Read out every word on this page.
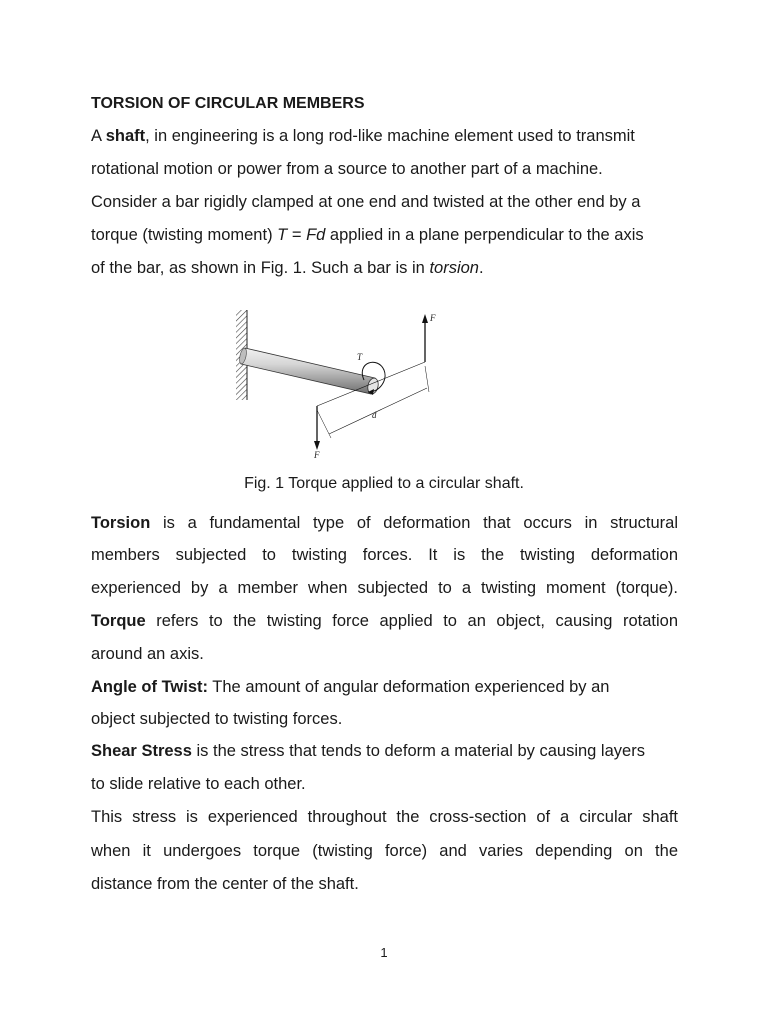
TORSION OF CIRCULAR MEMBERS
A shaft, in engineering is a long rod-like machine element used to transmit
rotational motion or power from a source to another part of a machine.
Consider a bar rigidly clamped at one end and twisted at the other end by a
torque (twisting moment) T = Fd applied in a plane perpendicular to the axis
of the bar, as shown in Fig. 1. Such a bar is in torsion.
T
F
F
d
Fig. 1 Torque applied to a circular shaft.
Torsion is a fundamental type of deformation that occurs in structural
members subjected to twisting forces. It is the twisting deformation
experienced by a member when subjected to a twisting moment (torque).
Torque refers to the twisting force applied to an object, causing rotation
around an axis.
Angle of Twist: The amount of angular deformation experienced by an
object subjected to twisting forces.
Shear Stress is the stress that tends to deform a material by causing layers
to slide relative to each other.
This stress is experienced throughout the cross-section of a circular shaft
when it undergoes torque (twisting force) and varies depending on the
distance from the center of the shaft.
1
